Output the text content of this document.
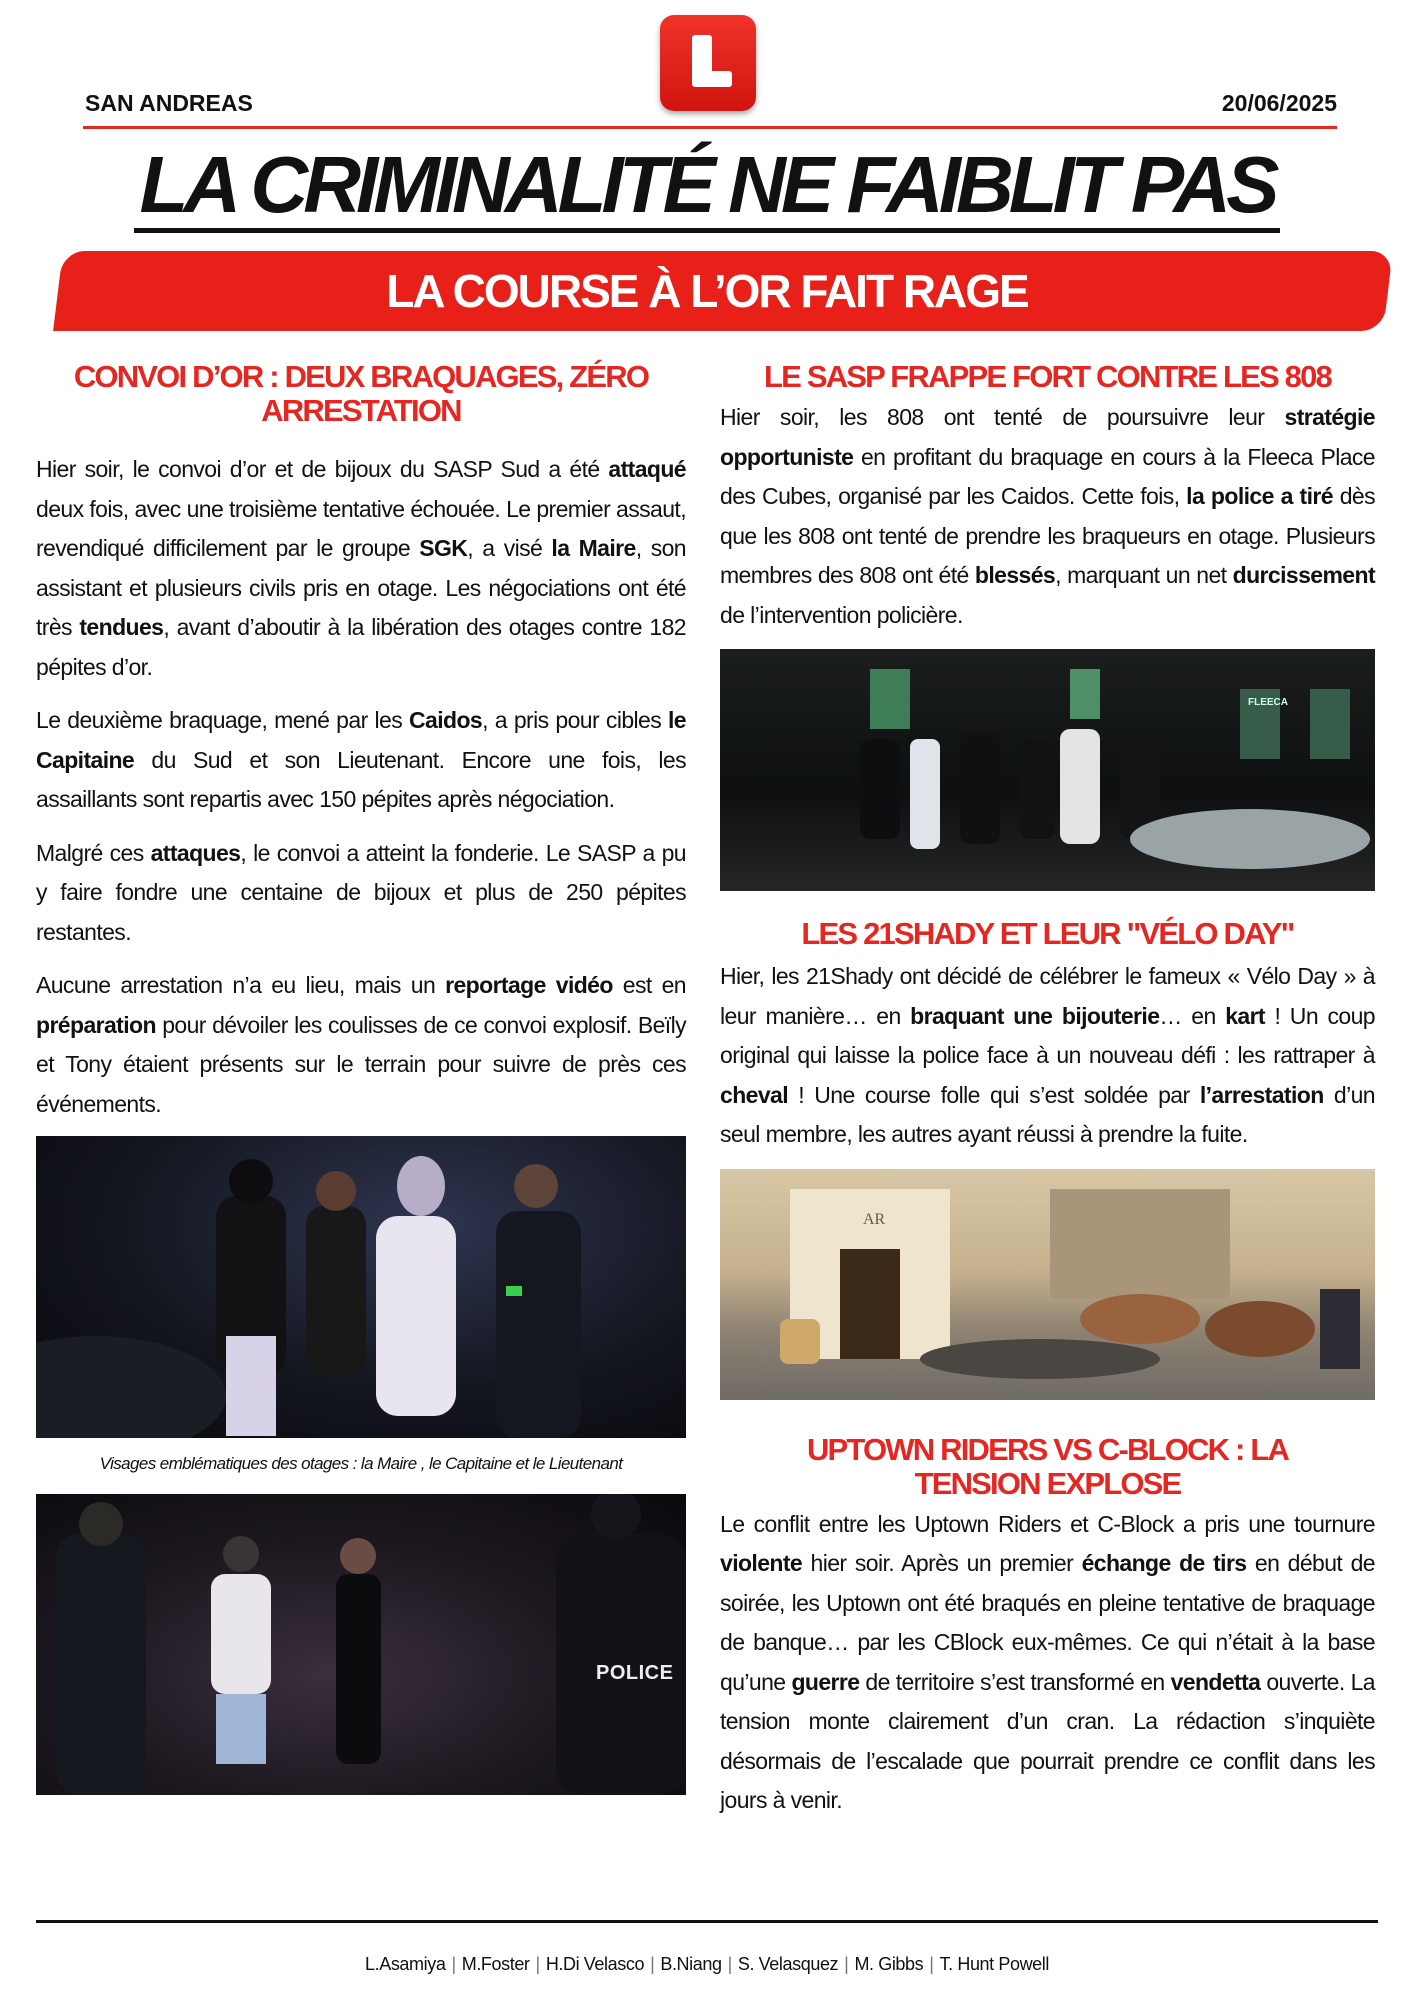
SAN ANDREAS	20/06/2025
LA CRIMINALITÉ NE FAIBLIT PAS
LA COURSE À L’OR FAIT RAGE
CONVOI D’OR : DEUX BRAQUAGES, ZÉRO ARRESTATION

Hier soir, le convoi d’or et de bijoux du SASP Sud a été attaqué deux fois, avec une troisième tentative échouée. Le premier assaut, revendiqué difficilement par le groupe SGK, a visé la Maire, son assistant et plusieurs civils pris en otage. Les négociations ont été très tendues, avant d’aboutir à la libération des otages contre 182 pépites d’or.

Le deuxième braquage, mené par les Caidos, a pris pour cibles le Capitaine du Sud et son Lieutenant. Encore une fois, les assaillants sont repartis avec 150 pépites après négociation.

Malgré ces attaques, le convoi a atteint la fonderie. Le SASP a pu y faire fondre une centaine de bijoux et plus de 250 pépites restantes.

Aucune arrestation n’a eu lieu, mais un reportage vidéo est en préparation pour dévoiler les coulisses de ce convoi explosif. Beïly et Tony étaient présents sur le terrain pour suivre de près ces événements.

Visages emblématiques des otages : la Maire , le Capitaine et le Lieutenant
POLICE
LE SASP FRAPPE FORT CONTRE LES 808

Hier soir, les 808 ont tenté de poursuivre leur stratégie opportuniste en profitant du braquage en cours à la Fleeca Place des Cubes, organisé par les Caidos. Cette fois, la police a tiré dès que les 808 ont tenté de prendre les braqueurs en otage. Plusieurs membres des 808 ont été blessés, marquant un net durcissement de l’intervention policière.

FLEECA
LES 21SHADY ET LEUR "VÉLO DAY"

Hier, les 21Shady ont décidé de célébrer le fameux « Vélo Day » à leur manière… en braquant une bijouterie… en kart ! Un coup original qui laisse la police face à un nouveau défi : les rattraper à cheval ! Une course folle qui s’est soldée par l’arrestation d’un seul membre, les autres ayant réussi à prendre la fuite.

AR
UPTOWN RIDERS VS C-BLOCK : LA TENSION EXPLOSE

Le conflit entre les Uptown Riders et C-Block a pris une tournure violente hier soir. Après un premier échange de tirs en début de soirée, les Uptown ont été braqués en pleine tentative de braquage de banque… par les CBlock eux-mêmes. Ce qui n’était à la base qu’une guerre de territoire s’est transformé en vendetta ouverte. La tension monte clairement d’un cran. La rédaction s’inquiète désormais de l’escalade que pourrait prendre ce conflit dans les jours à venir.

L.Asamiya | M.Foster | H.Di Velasco | B.Niang | S. Velasquez | M. Gibbs | T. Hunt Powell
